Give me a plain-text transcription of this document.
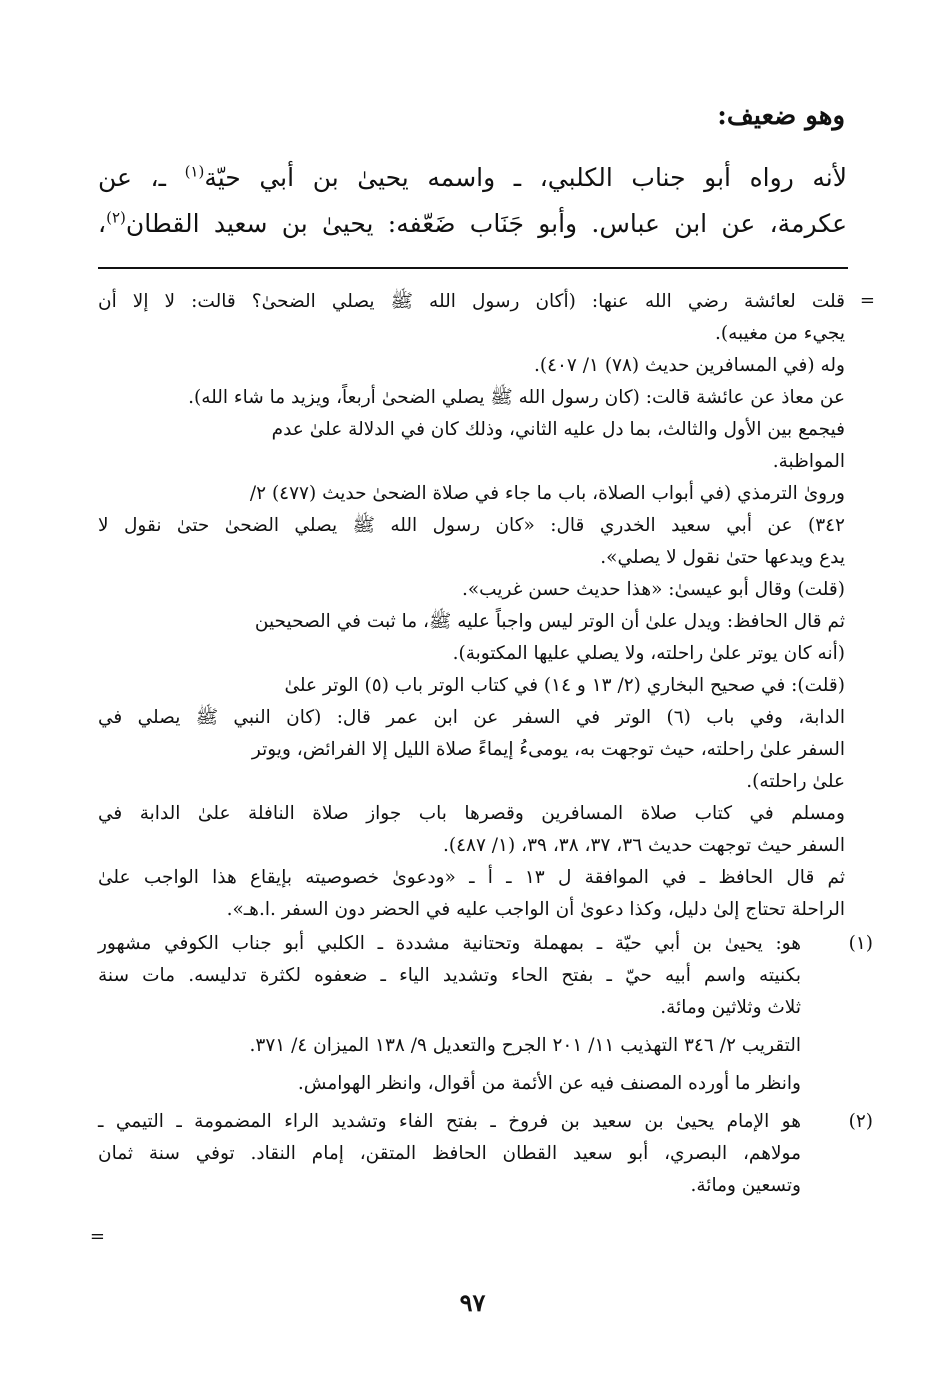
وهو ضعيف:
لأنه رواه أبو جناب الكلبي، ـ واسمه يحيىٰ بن أبي حيّة$^{(١)}$ ـ، عن
عكرمة، عن ابن عباس. وأبو جَنَاب ضَعّفه: يحيىٰ بن سعيد القطان$^{(٢)}$،
=
=
قلت لعائشة رضي الله عنها: (أكان رسول الله ﷺ يصلي الضحىٰ؟ قالت: لا إلا أن
يجيء من مغيبه).
وله (في المسافرين حديث (٧٨) ١/ ٤٠٧).
عن معاذ عن عائشة قالت: (كان رسول الله ﷺ يصلي الضحىٰ أربعاً، ويزيد ما شاء الله).
فيجمع بين الأول والثالث، بما دل عليه الثاني، وذلك كان في الدلالة علىٰ عدم
المواظبة.
وروىٰ الترمذي (في أبواب الصلاة، باب ما جاء في صلاة الضحىٰ حديث (٤٧٧) ٢/
٣٤٢) عن أبي سعيد الخدري قال: «كان رسول الله ﷺ يصلي الضحىٰ حتىٰ نقول لا
يدع ويدعها حتىٰ نقول لا يصلي».
(قلت) وقال أبو عيسىٰ: «هذا حديث حسن غريب».
ثم قال الحافظ: ويدل علىٰ أن الوتر ليس واجباً عليه ﷺ، ما ثبت في الصحيحين
(أنه كان يوتر علىٰ راحلته، ولا يصلي عليها المكتوبة).
(قلت): في صحيح البخاري (٢/ ١٣ و ١٤) في كتاب الوتر باب (٥) الوتر علىٰ
الدابة، وفي باب (٦) الوتر في السفر عن ابن عمر قال: (كان النبي ﷺ يصلي في
السفر علىٰ راحلته، حيث توجهت به، يومىءُ إيماءً صلاة الليل إلا الفرائض، ويوتر
علىٰ راحلته).
ومسلم في كتاب صلاة المسافرين وقصرها باب جواز صلاة النافلة علىٰ الدابة في
السفر حيث توجهت حديث ٣٦، ٣٧، ٣٨، ٣٩، (١/ ٤٨٧).
ثم قال الحافظ ـ في الموافقة ل ١٣ ـ أ ـ «ودعوىٰ خصوصيته بإيقاع هذا الواجب علىٰ
الراحلة تحتاج إلىٰ دليل، وكذا دعوىٰ أن الواجب عليه في الحضر دون السفر .ا.هـ».
(١)
هو: يحيىٰ بن أبي حيّة ـ بمهملة وتحتانية مشددة ـ الكلبي أبو جناب الكوفي مشهور
بكنيته واسم أبيه حيّ ـ بفتح الحاء وتشديد الياء ـ ضعفوه لكثرة تدليسه. مات سنة
ثلاث وثلاثين ومائة.
التقريب ٢/ ٣٤٦ التهذيب ١١/ ٢٠١ الجرح والتعديل ٩/ ١٣٨ الميزان ٤/ ٣٧١.
وانظر ما أورده المصنف فيه عن الأئمة من أقوال، وانظر الهوامش.
(٢)
هو الإمام يحيىٰ بن سعيد بن فروخ ـ بفتح الفاء وتشديد الراء المضمومة ـ التيمي ـ
مولاهم، البصري، أبو سعيد القطان الحافظ المتقن، إمام النقاد. توفي سنة ثمان
وتسعين ومائة.
٩٧
